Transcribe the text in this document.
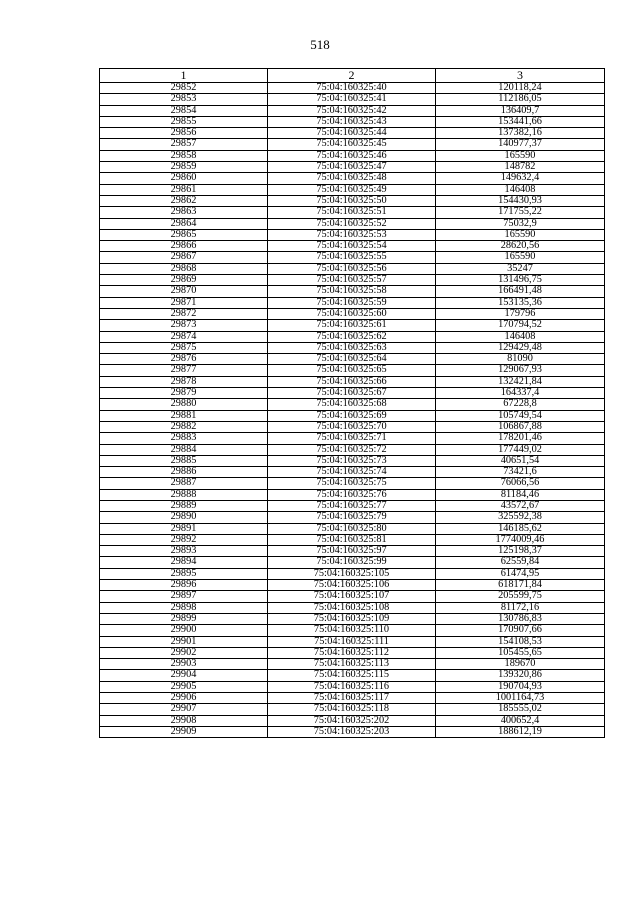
518
1	2	3
29852	75:04:160325:40	120118,24
29853	75:04:160325:41	112186,05
29854	75:04:160325:42	136409,7
29855	75:04:160325:43	153441,66
29856	75:04:160325:44	137382,16
29857	75:04:160325:45	140977,37
29858	75:04:160325:46	165590
29859	75:04:160325:47	148782
29860	75:04:160325:48	149632,4
29861	75:04:160325:49	146408
29862	75:04:160325:50	154430,93
29863	75:04:160325:51	171755,22
29864	75:04:160325:52	75032,9
29865	75:04:160325:53	165590
29866	75:04:160325:54	28620,56
29867	75:04:160325:55	165590
29868	75:04:160325:56	35247
29869	75:04:160325:57	131496,75
29870	75:04:160325:58	166491,48
29871	75:04:160325:59	153135,36
29872	75:04:160325:60	179796
29873	75:04:160325:61	170794,52
29874	75:04:160325:62	146408
29875	75:04:160325:63	129429,48
29876	75:04:160325:64	81090
29877	75:04:160325:65	129067,93
29878	75:04:160325:66	132421,84
29879	75:04:160325:67	164337,4
29880	75:04:160325:68	67228,8
29881	75:04:160325:69	105749,54
29882	75:04:160325:70	106867,88
29883	75:04:160325:71	178201,46
29884	75:04:160325:72	177449,02
29885	75:04:160325:73	40651,54
29886	75:04:160325:74	73421,6
29887	75:04:160325:75	76066,56
29888	75:04:160325:76	81184,46
29889	75:04:160325:77	43572,67
29890	75:04:160325:79	325592,38
29891	75:04:160325:80	146185,62
29892	75:04:160325:81	1774009,46
29893	75:04:160325:97	125198,37
29894	75:04:160325:99	62559,84
29895	75:04:160325:105	61474,95
29896	75:04:160325:106	618171,84
29897	75:04:160325:107	205599,75
29898	75:04:160325:108	81172,16
29899	75:04:160325:109	130786,83
29900	75:04:160325:110	170907,66
29901	75:04:160325:111	154108,53
29902	75:04:160325:112	105455,65
29903	75:04:160325:113	189670
29904	75:04:160325:115	139320,86
29905	75:04:160325:116	190704,93
29906	75:04:160325:117	1001164,73
29907	75:04:160325:118	185555,02
29908	75:04:160325:202	400652,4
29909	75:04:160325:203	188612,19
